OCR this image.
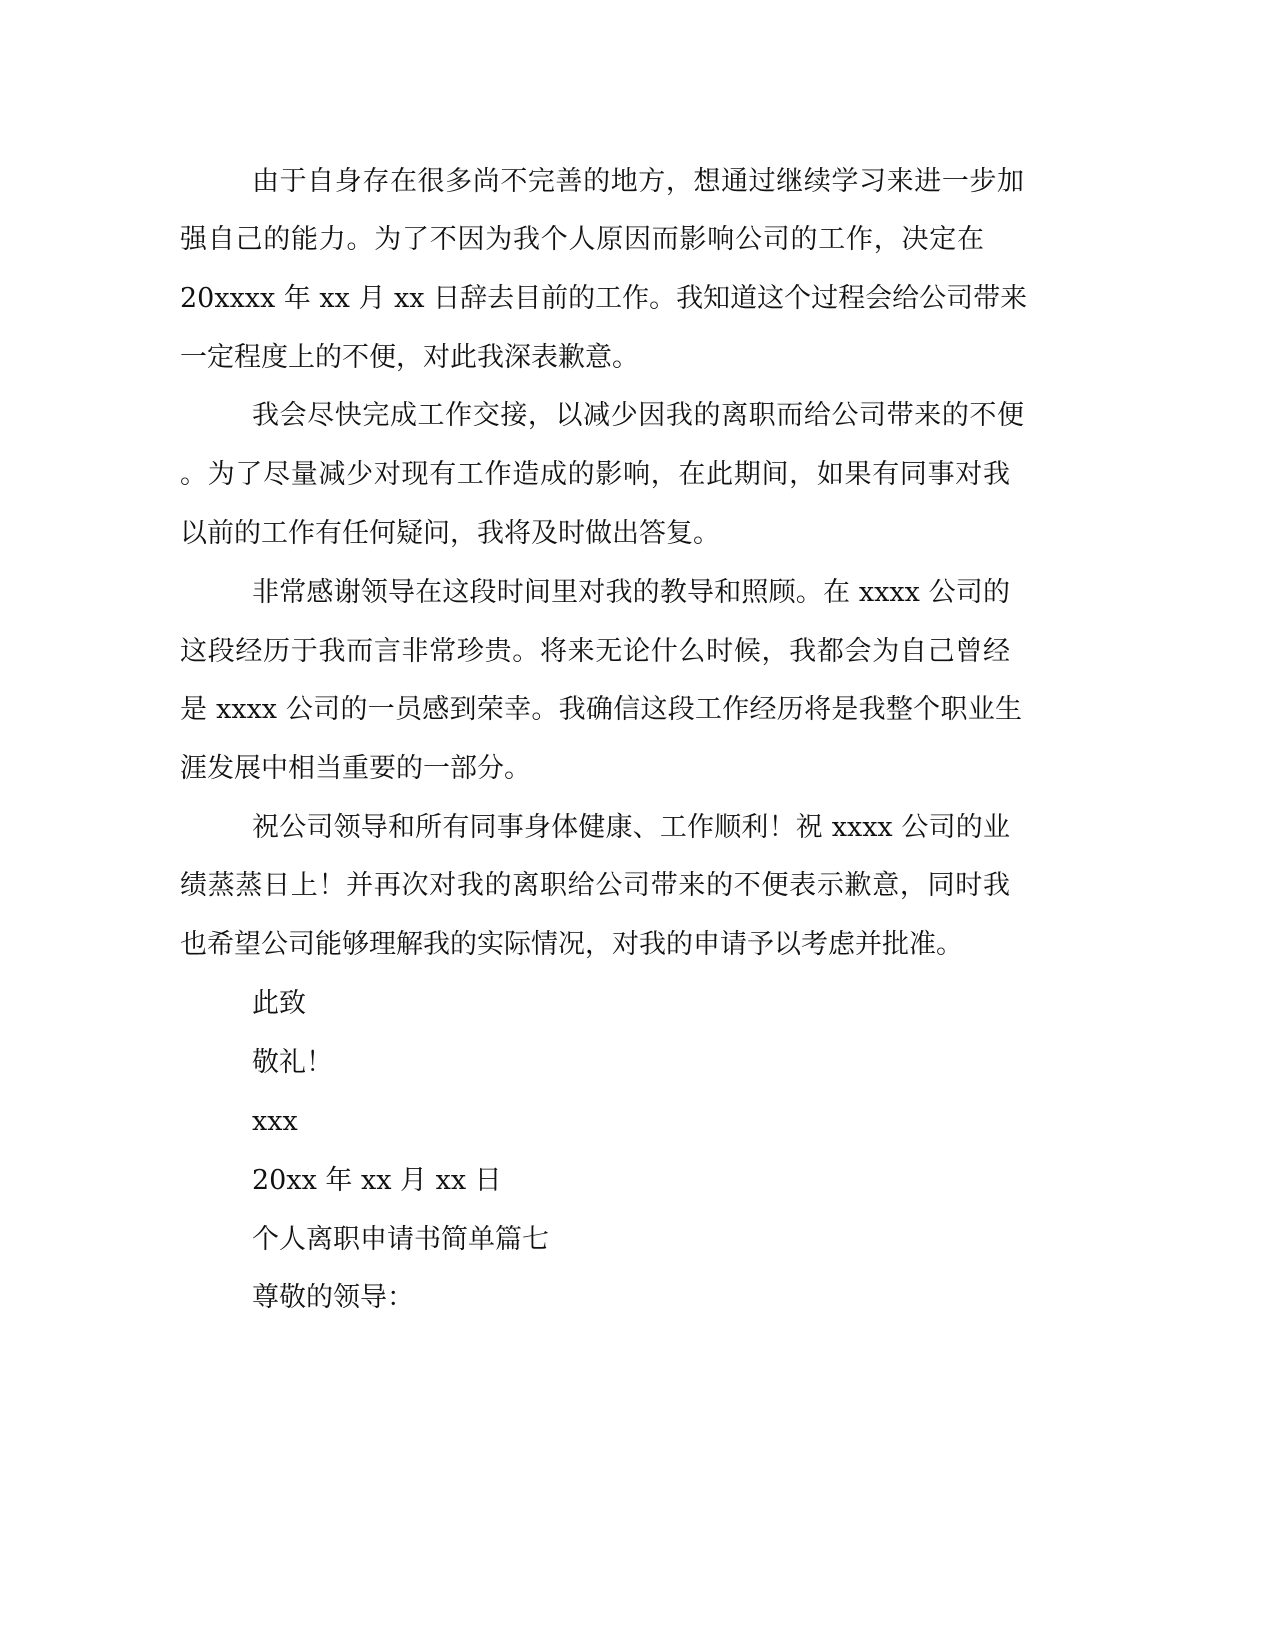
由于自身存在很多尚不完善的地方，想通过继续学习来进一步加
强自己的能力。为了不因为我个人原因而影响公司的工作，决定在
20xxxx 年 xx 月 xx 日辞去目前的工作。我知道这个过程会给公司带来
一定程度上的不便，对此我深表歉意。
我会尽快完成工作交接，以减少因我的离职而给公司带来的不便
。为了尽量减少对现有工作造成的影响，在此期间，如果有同事对我
以前的工作有任何疑问，我将及时做出答复。
非常感谢领导在这段时间里对我的教导和照顾。在 xxxx 公司的
这段经历于我而言非常珍贵。将来无论什么时候，我都会为自己曾经
是 xxxx 公司的一员感到荣幸。我确信这段工作经历将是我整个职业生
涯发展中相当重要的一部分。
祝公司领导和所有同事身体健康、工作顺利！祝 xxxx 公司的业
绩蒸蒸日上！并再次对我的离职给公司带来的不便表示歉意，同时我
也希望公司能够理解我的实际情况，对我的申请予以考虑并批准。
此致
敬礼！
xxx
20xx 年 xx 月 xx 日
个人离职申请书简单篇七
尊敬的领导：
